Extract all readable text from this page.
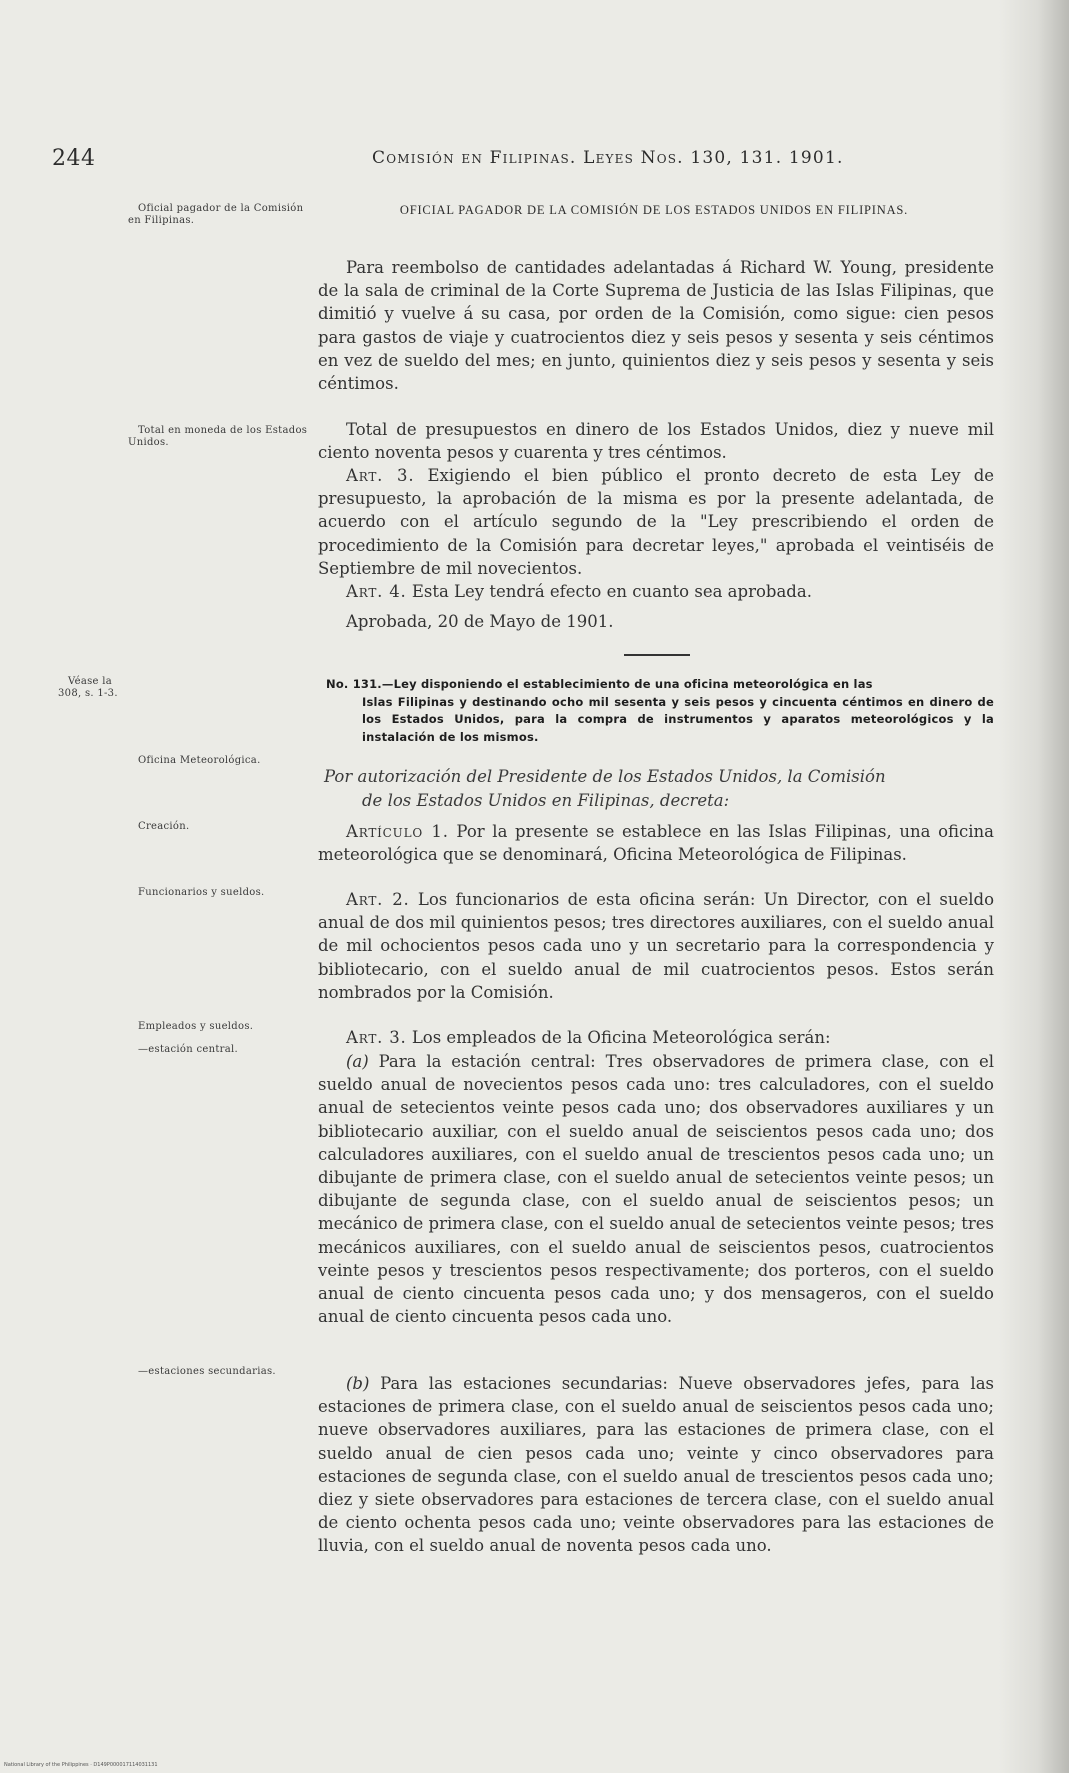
244	Comisión en Filipinas. Leyes Nos. 130, 131. 1901.
Oficial pagador de la Comisión en Filipinas.
Total en moneda de los Estados Unidos.
Véase la 308, s. 1-3.
Oficina Meteorológica.
Creación.
Funcionarios y sueldos.
Empleados y sueldos.
—estación central.
—estaciones secundarias.
OFICIAL PAGADOR DE LA COMISIÓN DE LOS ESTADOS UNIDOS EN FILIPINAS.
Para reembolso de cantidades adelantadas á Richard W. Young, presidente de la sala de criminal de la Corte Suprema de Justicia de las Islas Filipinas, que dimitió y vuelve á su casa, por orden de la Comisión, como sigue: cien pesos para gastos de viaje y cuatrocientos diez y seis pesos y sesenta y seis céntimos en vez de sueldo del mes; en junto, quinientos diez y seis pesos y sesenta y seis céntimos.
Total de presupuestos en dinero de los Estados Unidos, diez y nueve mil ciento noventa pesos y cuarenta y tres céntimos.
Art. 3. Exigiendo el bien público el pronto decreto de esta Ley de presupuesto, la aprobación de la misma es por la presente adelantada, de acuerdo con el artículo segundo de la "Ley prescribiendo el orden de procedimiento de la Comisión para decretar leyes," aprobada el veintiséis de Septiembre de mil novecientos.
Art. 4. Esta Ley tendrá efecto en cuanto sea aprobada.
Aprobada, 20 de Mayo de 1901.
No. 131.—Ley disponiendo el establecimiento de una oficina meteorológica en las
Islas Filipinas y destinando ocho mil sesenta y seis pesos y cincuenta céntimos en dinero de los Estados Unidos, para la compra de instrumentos y aparatos meteorológicos y la instalación de los mismos.
Por autorización del Presidente de los Estados Unidos, la Comisión
de los Estados Unidos en Filipinas, decreta:
Artículo 1. Por la presente se establece en las Islas Filipinas, una oficina meteorológica que se denominará, Oficina Meteorológica de Filipinas.
Art. 2. Los funcionarios de esta oficina serán: Un Director, con el sueldo anual de dos mil quinientos pesos; tres directores auxiliares, con el sueldo anual de mil ochocientos pesos cada uno y un secretario para la correspondencia y bibliotecario, con el sueldo anual de mil cuatrocientos pesos. Estos serán nombrados por la Comisión.
Art. 3. Los empleados de la Oficina Meteorológica serán:
(a) Para la estación central: Tres observadores de primera clase, con el sueldo anual de novecientos pesos cada uno: tres calculadores, con el sueldo anual de setecientos veinte pesos cada uno; dos observadores auxiliares y un bibliotecario auxiliar, con el sueldo anual de seiscientos pesos cada uno; dos calculadores auxiliares, con el sueldo anual de trescientos pesos cada uno; un dibujante de primera clase, con el sueldo anual de setecientos veinte pesos; un dibujante de segunda clase, con el sueldo anual de seiscientos pesos; un mecánico de primera clase, con el sueldo anual de setecientos veinte pesos; tres mecánicos auxiliares, con el sueldo anual de seiscientos pesos, cuatrocientos veinte pesos y trescientos pesos respectivamente; dos porteros, con el sueldo anual de ciento cincuenta pesos cada uno; y dos mensageros, con el sueldo anual de ciento cincuenta pesos cada uno.
(b) Para las estaciones secundarias: Nueve observadores jefes, para las estaciones de primera clase, con el sueldo anual de seiscientos pesos cada uno; nueve observadores auxiliares, para las estaciones de primera clase, con el sueldo anual de cien pesos cada uno; veinte y cinco observadores para estaciones de segunda clase, con el sueldo anual de trescientos pesos cada uno; diez y siete observadores para estaciones de tercera clase, con el sueldo anual de ciento ochenta pesos cada uno; veinte observadores para las estaciones de lluvia, con el sueldo anual de noventa pesos cada uno.
National Library of the Philippines · D149P000017114031131
